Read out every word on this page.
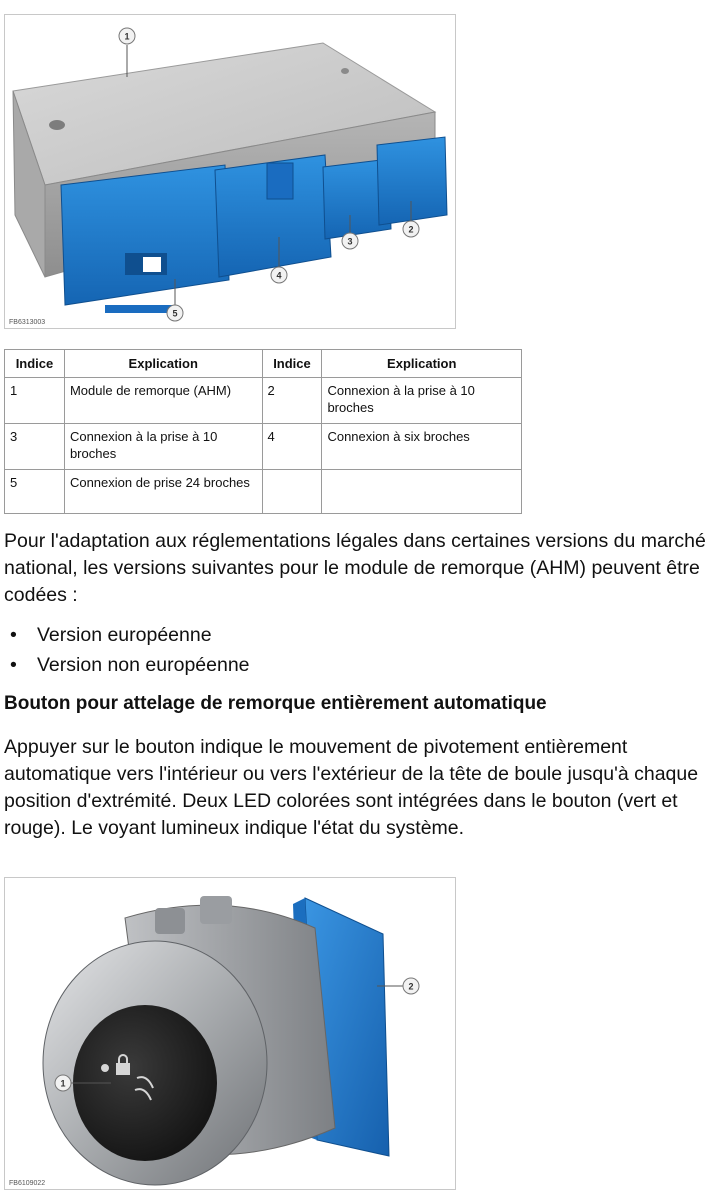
1
2
3
4
5
FB6313003
Indice	Explication	Indice	Explication
1	Module de remorque (AHM)	2	Connexion à la prise à 10 broches
3	Connexion à la prise à 10 broches	4	Connexion à six broches
5	Connexion de prise 24 broches		

Pour l'adaptation aux réglementations légales dans certaines versions du marché national, les versions suivantes pour le module de remorque (AHM) peuvent être codées :

• Version européenne
• Version non européenne
Bouton pour attelage de remorque entièrement automatique

Appuyer sur le bouton indique le mouvement de pivotement entièrement automatique vers l'intérieur ou vers l'extérieur de la tête de boule jusqu'à chaque position d'extrémité. Deux LED colorées sont intégrées dans le bouton (vert et rouge). Le voyant lumineux indique l'état du système.

1
2
FB6109022
